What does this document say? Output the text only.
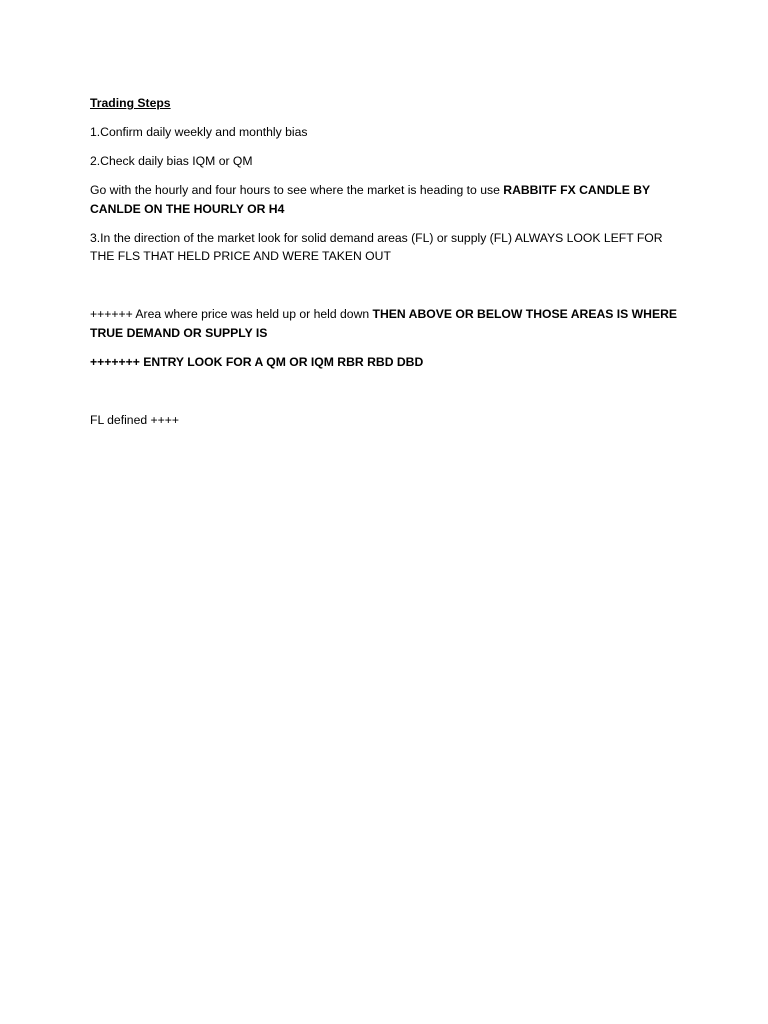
Trading Steps

1.Confirm daily weekly and monthly bias

2.Check daily bias IQM or QM

Go with the hourly and four hours to see where the market is heading to use RABBITF FX CANDLE BY CANLDE ON THE HOURLY OR H4

3.In the direction of the market look for solid demand areas (FL) or supply (FL) ALWAYS LOOK LEFT FOR THE FLS THAT HELD PRICE AND WERE TAKEN OUT

++++++ Area where price was held up or held down THEN ABOVE OR BELOW THOSE AREAS IS WHERE TRUE DEMAND OR SUPPLY IS

+++++++ ENTRY LOOK FOR A QM OR IQM RBR RBD DBD

FL defined ++++
